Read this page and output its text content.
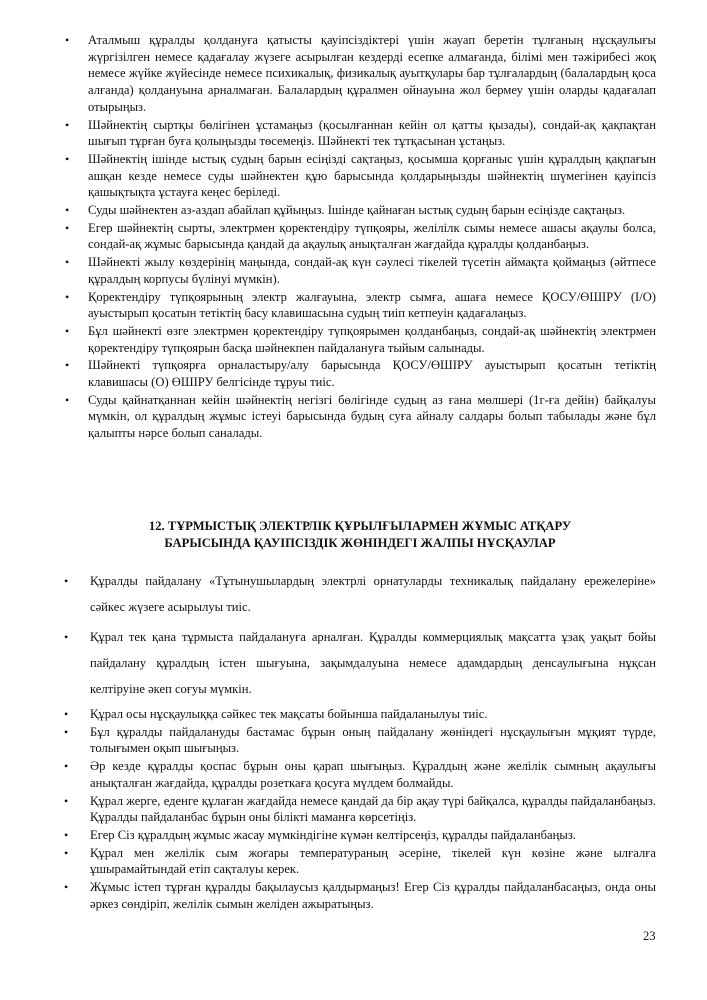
• Аталмыш құралды қолдануға қатысты қауіпсіздіктері үшін жауап беретін тұлғаның нұсқаулығы жүргізілген немесе қадағалау жүзеге асырылған кездерді есепке алмағанда, білімі мен тәжірибесі жоқ немесе жүйке жүйесінде немесе психикалық, физикалық ауытқулары бар тұлғалардың (балалардың қоса алғанда) қолдануына арналмаған. Балалардың құралмен ойнауына жол бермеу үшін оларды қадағалап отырыңыз.
• Шәйнектің сыртқы бөлігінен ұстамаңыз (қосылғаннан кейін ол қатты қызады), сондай-ақ қақпақтан шығып тұрған буға қолыңызды төсемеңіз. Шәйнекті тек тұтқасынан ұстаңыз.
• Шәйнектің ішінде ыстық судың барын есіңізді сақтаңыз, қосымша қорғаныс үшін құралдың қақпағын ашқан кезде немесе суды шәйнектен құю барысында қолдарыңызды шәйнектің шүмегінен қауіпсіз қашықтықта ұстауға кеңес беріледі.
• Суды шәйнектен аз-аздап абайлап құйыңыз. Ішінде қайнаған ыстық судың барын есіңізде сақтаңыз.
• Егер шәйнектің сырты, электрмен қоректендіру түпқояры, желілілк сымы немесе ашасы ақаулы болса, сондай-ақ жұмыс барысында қандай да ақаулық анықталған жағдайда құралды қолданбаңыз.
• Шәйнекті жылу көздерінің маңында, сондай-ақ күн сәулесі тікелей түсетін аймақта қоймаңыз (әйтпесе құралдың корпусы бүлінуі мүмкін).
• Қоректендіру түпқоярының электр жалғауына, электр сымға, ашаға немесе ҚОСУ/ӨШІРУ (I/O) ауыстырып қосатын тетіктің басу клавишасына судың тиіп кетпеуін қадағалаңыз.
• Бұл шәйнекті өзге электрмен қоректендіру түпқоярымен қолданбаңыз, сондай-ақ шәйнектің электрмен қоректендіру түпқоярын басқа шәйнекпен пайдалануға тыйым салынады.
• Шәйнекті түпқоярға орналастыру/алу барысында ҚОСУ/ӨШІРУ ауыстырып қосатын тетіктің клавишасы (О) ӨШІРУ белгісінде тұруы тиіс.
• Суды қайнатқаннан кейін шәйнектің негізгі бөлігінде судың аз ғана мөлшері (1г-ға дейін) байқалуы мүмкін, ол құралдың жұмыс істеуі барысында будың суға айналу салдары болып табылады және бұл қалыпты нәрсе болып саналады.
12. ТҰРМЫСТЫҚ ЭЛЕКТРЛІК ҚҰРЫЛҒЫЛАРМЕН ЖҰМЫС АТҚАРУ
БАРЫСЫНДА ҚАУІПСІЗДІК ЖӨНІНДЕГІ ЖАЛПЫ НҰСҚАУЛАР
• Құралды пайдалану «Тұтынушылардың электрлі орнатуларды техникалық пайдалану ережелеріне» сәйкес жүзеге асырылуы тиіс.
• Құрал тек қана тұрмыста пайдалануға арналған. Құралды коммерциялық мақсатта ұзақ уақыт бойы пайдалану құралдың істен шығуына, зақымдалуына немесе адамдардың денсаулығына нұқсан келтіруіне әкеп соғуы мүмкін.
• Құрал осы нұсқаулыққа сәйкес тек мақсаты бойынша пайдаланылуы тиіс.
• Бұл құралды пайдалануды бастамас бұрын оның пайдалану жөніндегі нұсқаулығын мұқият түрде, толығымен оқып шығыңыз.
• Әр кезде құралды қоспас бұрын оны қарап шығыңыз. Құралдың және желілік сымның ақаулығы анықталған жағдайда, құралды розеткаға қосуға мүлдем болмайды.
• Құрал жерге, еденге құлаған жағдайда немесе қандай да бір ақау түрі байқалса, құралды пайдаланбаңыз. Құралды пайдаланбас бұрын оны білікті маманға көрсетіңіз.
• Егер Сіз құралдың жұмыс жасау мүмкіндігіне күмән келтірсеңіз, құралды пайдаланбаңыз.
• Құрал мен желілік сым жоғары температураның әсеріне, тікелей күн көзіне және ылғалға ұшырамайтындай етіп сақталуы керек.
• Жұмыс істеп тұрған құралды бақылаусыз қалдырмаңыз! Егер Сіз құралды пайдаланбасаңыз, онда оны әркез сөндіріп, желілік сымын желіден ажыратыңыз.
23
